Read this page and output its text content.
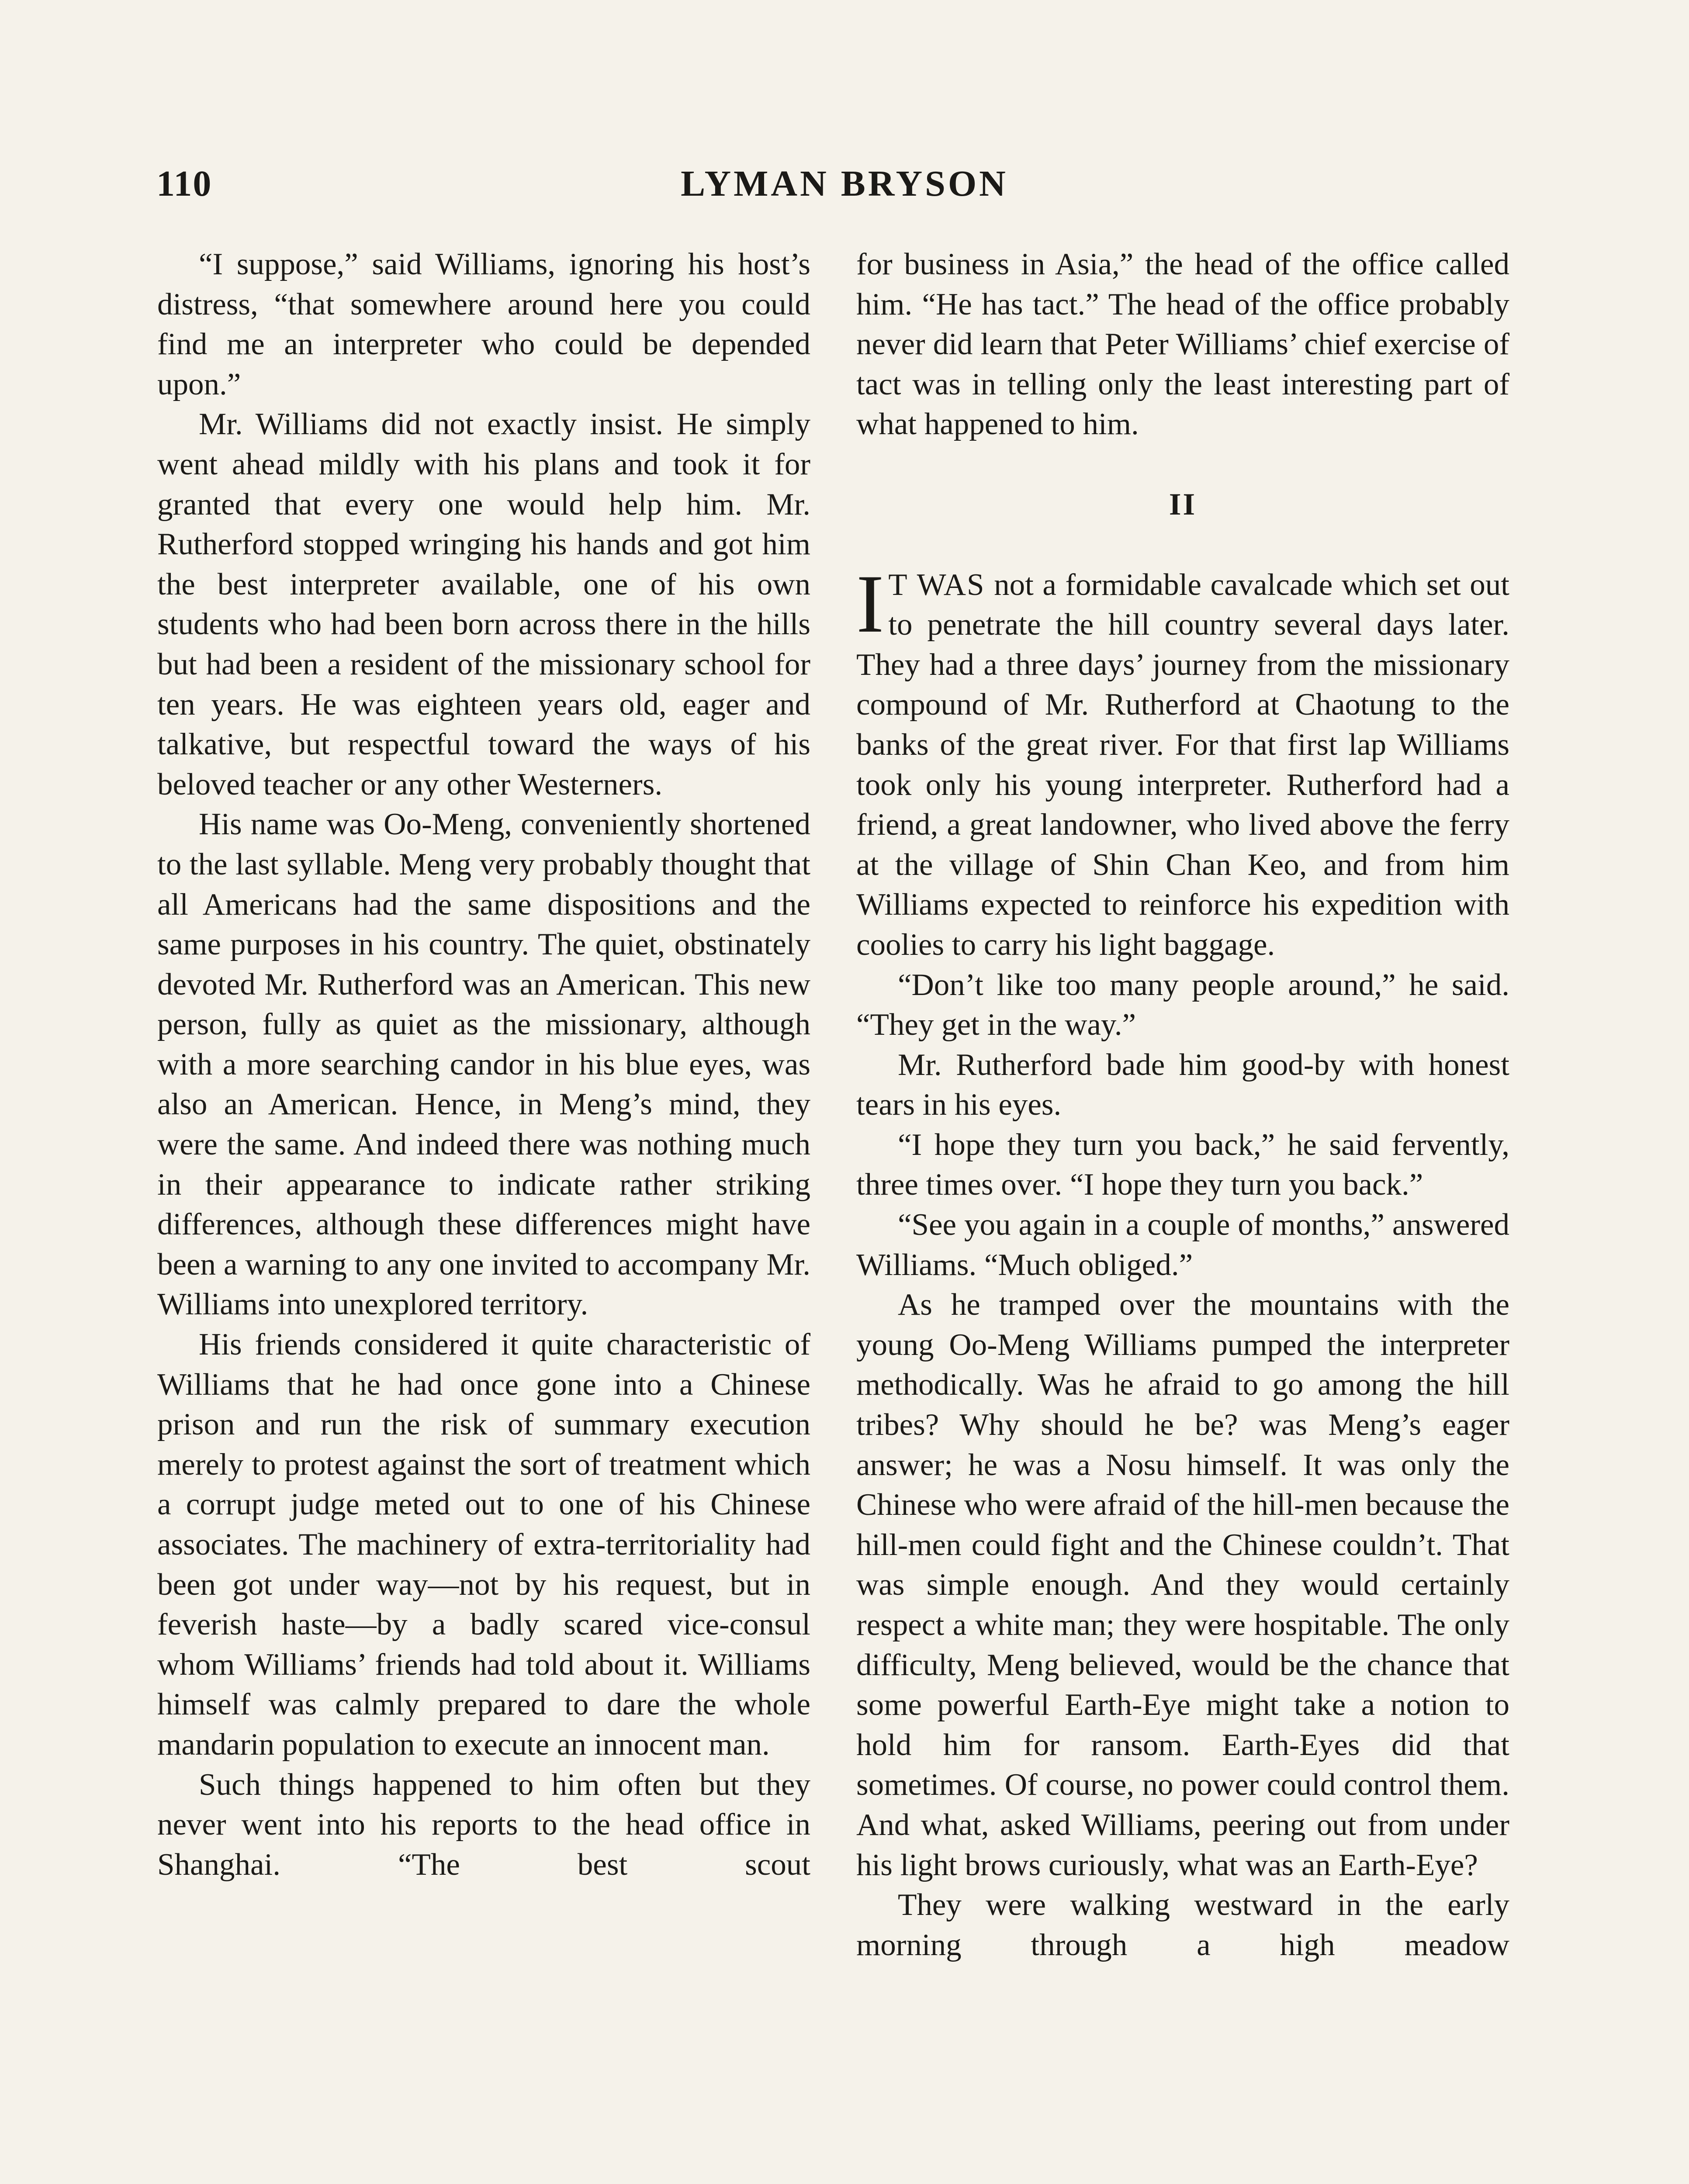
110	LYMAN BRYSON

“I suppose,” said Williams, ignoring his host’s distress, “that somewhere around here you could find me an interpreter who could be depended upon.”

Mr. Williams did not exactly insist. He simply went ahead mildly with his plans and took it for granted that every one would help him. Mr. Rutherford stopped wringing his hands and got him the best interpreter available, one of his own students who had been born across there in the hills but had been a resident of the missionary school for ten years. He was eighteen years old, eager and talkative, but respectful toward the ways of his beloved teacher or any other Westerners.

His name was Oo-Meng, conveniently shortened to the last syllable. Meng very probably thought that all Americans had the same dispositions and the same purposes in his country. The quiet, obstinately devoted Mr. Rutherford was an American. This new person, fully as quiet as the missionary, although with a more searching candor in his blue eyes, was also an American. Hence, in Meng’s mind, they were the same. And indeed there was nothing much in their appearance to indicate rather striking differences, although these differences might have been a warning to any one invited to accompany Mr. Williams into unexplored territory.

His friends considered it quite characteristic of Williams that he had once gone into a Chinese prison and run the risk of summary execution merely to protest against the sort of treatment which a corrupt judge meted out to one of his Chinese associates. The machinery of extra-territoriality had been got under way—not by his request, but in feverish haste—by a badly scared vice-consul whom Williams’ friends had told about it. Williams himself was calmly prepared to dare the whole mandarin population to execute an innocent man.

Such things happened to him often but they never went into his reports to the head office in Shanghai. “The best scout

for business in Asia,” the head of the office called him. “He has tact.” The head of the office probably never did learn that Peter Williams’ chief exercise of tact was in telling only the least interesting part of what happened to him.

II

I T WAS not a formidable cavalcade which set out to penetrate the hill country several days later. They had a three days’ journey from the missionary compound of Mr. Rutherford at Chaotung to the banks of the great river. For that first lap Williams took only his young interpreter. Rutherford had a friend, a great landowner, who lived above the ferry at the village of Shin Chan Keo, and from him Williams expected to reinforce his expedition with coolies to carry his light baggage.

“Don’t like too many people around,” he said. “They get in the way.”

Mr. Rutherford bade him good-by with honest tears in his eyes.

“I hope they turn you back,” he said fervently, three times over. “I hope they turn you back.”

“See you again in a couple of months,” answered Williams. “Much obliged.”

As he tramped over the mountains with the young Oo-Meng Williams pumped the interpreter methodically. Was he afraid to go among the hill tribes? Why should he be? was Meng’s eager answer; he was a Nosu himself. It was only the Chinese who were afraid of the hill-men because the hill-men could fight and the Chinese couldn’t. That was simple enough. And they would certainly respect a white man; they were hospitable. The only difficulty, Meng believed, would be the chance that some powerful Earth-Eye might take a notion to hold him for ransom. Earth-Eyes did that sometimes. Of course, no power could control them. And what, asked Williams, peering out from under his light brows curiously, what was an Earth-Eye?

They were walking westward in the early morning through a high meadow
